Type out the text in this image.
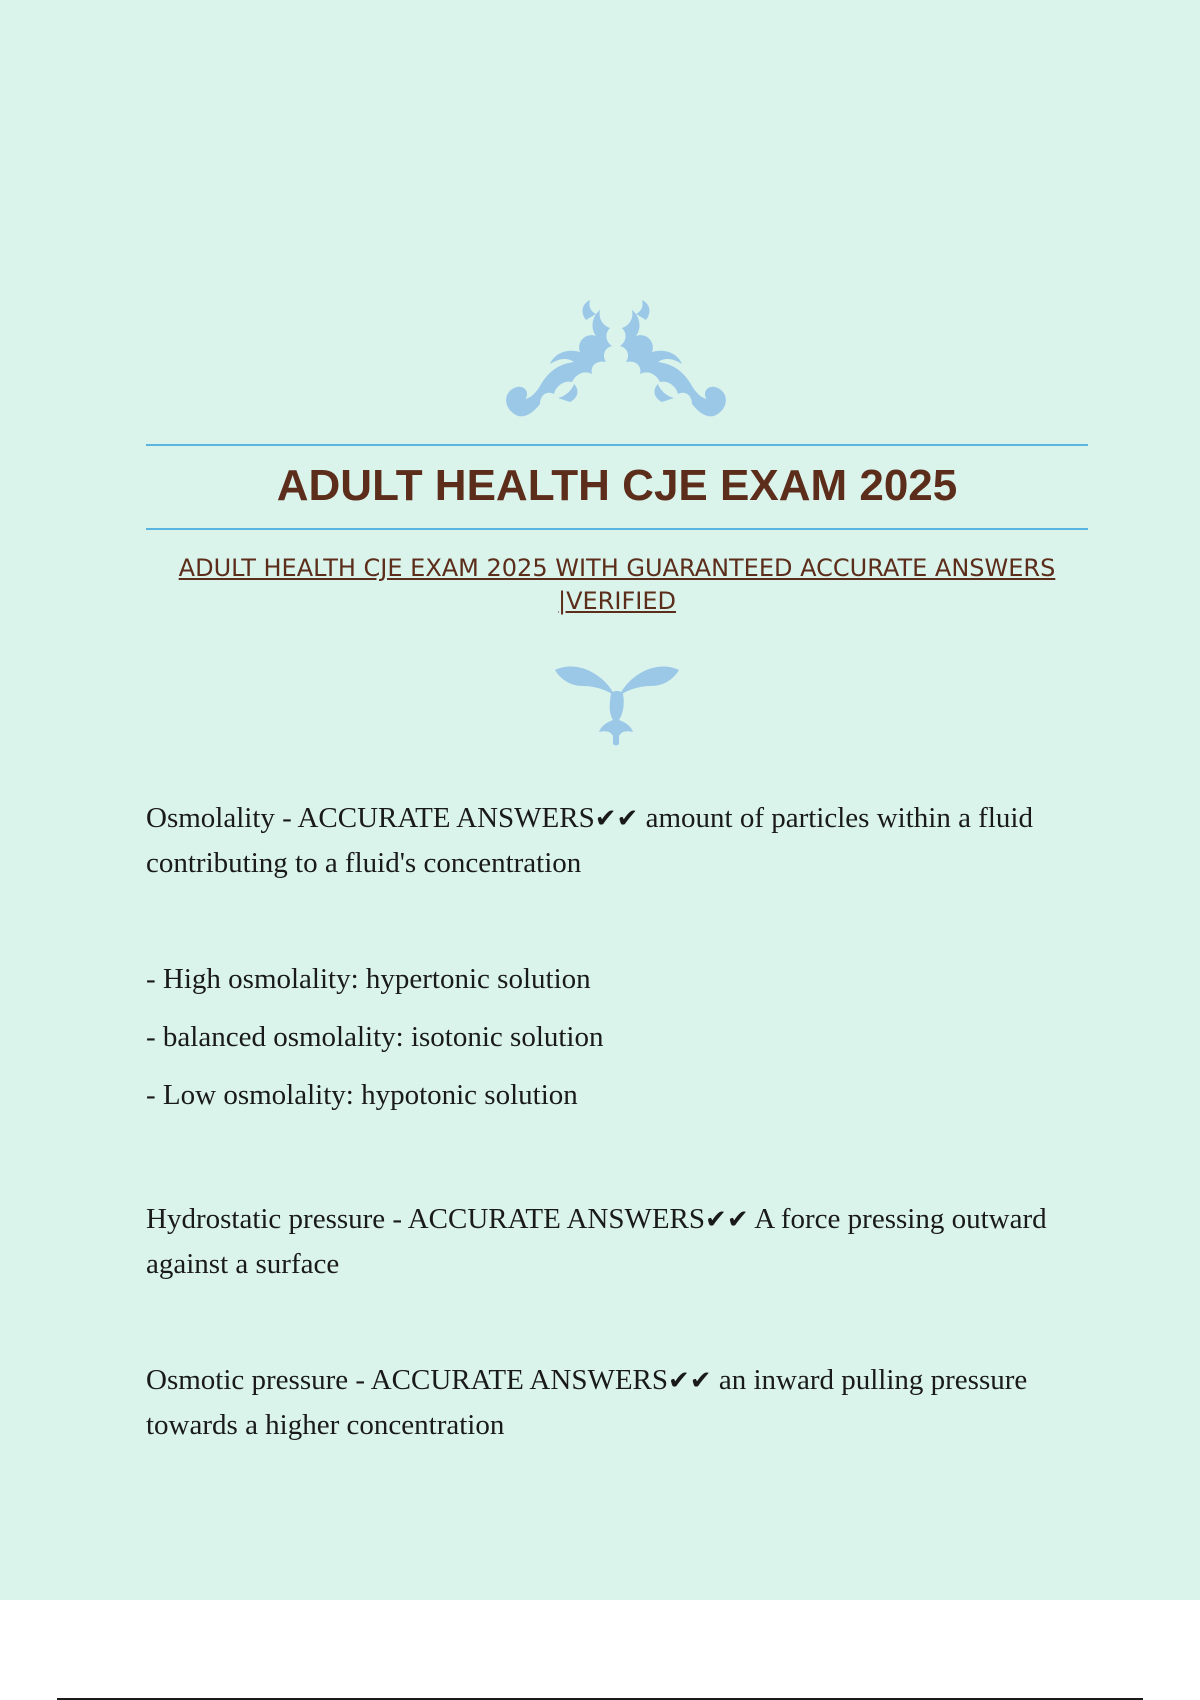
ADULT HEALTH CJE EXAM 2025

ADULT HEALTH CJE EXAM 2025 WITH GUARANTEED ACCURATE ANSWERS |VERIFIED

Osmolality - ACCURATE ANSWERS✔✔ amount of particles within a fluid contributing to a fluid's concentration

- High osmolality: hypertonic solution

- balanced osmolality: isotonic solution

- Low osmolality: hypotonic solution

Hydrostatic pressure - ACCURATE ANSWERS✔✔ A force pressing outward against a surface

Osmotic pressure - ACCURATE ANSWERS✔✔ an inward pulling pressure towards a higher concentration
